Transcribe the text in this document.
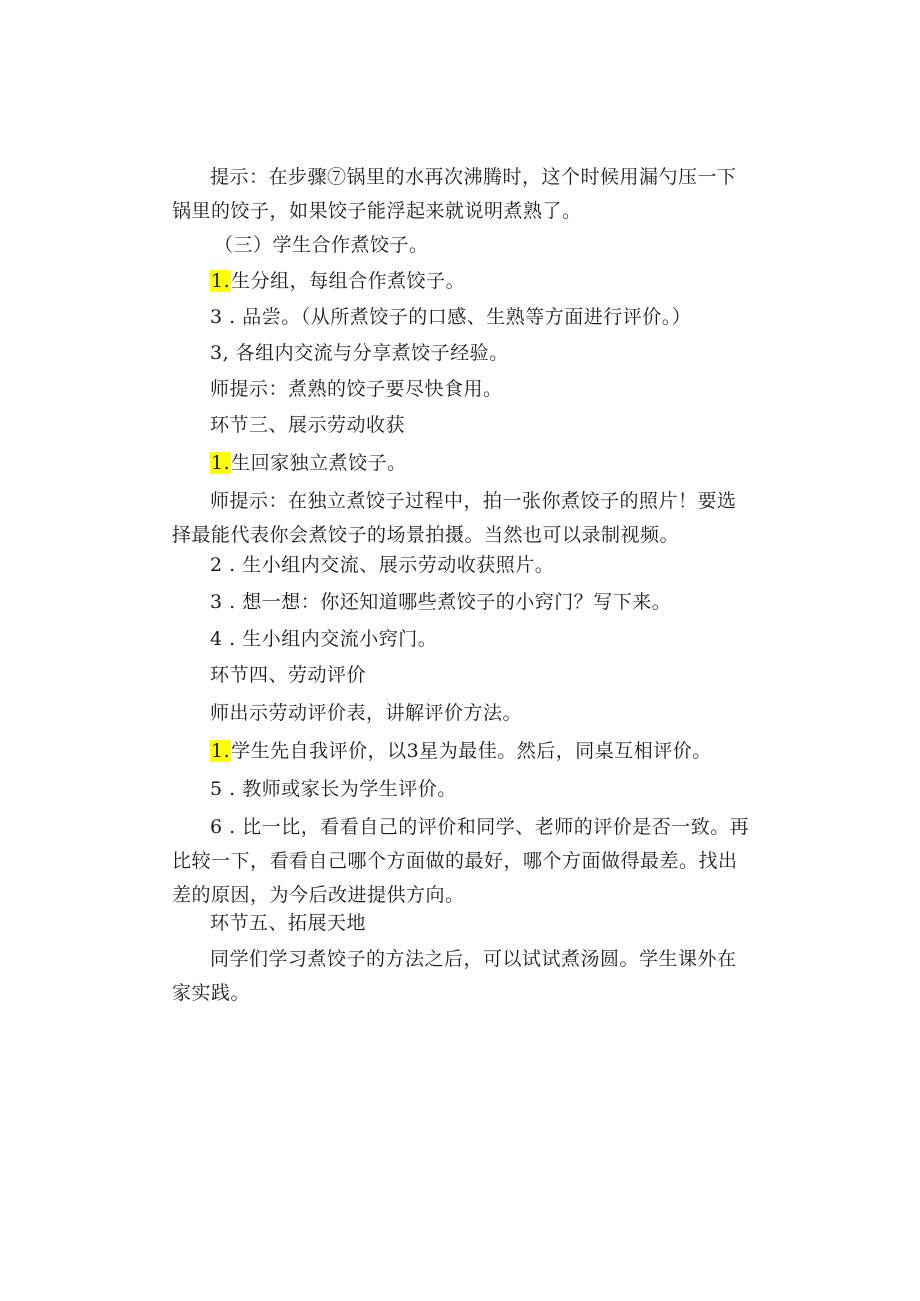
提示：在步骤⑦锅里的水再次沸腾时，这个时候用漏勺压一下锅里的饺子，如果饺子能浮起来就说明煮熟了。
（三）学生合作煮饺子。
1.生分组，每组合作煮饺子。
3 . 品尝。（从所煮饺子的口感、生熟等方面进行评价。）
3, 各组内交流与分享煮饺子经验。
师提示：煮熟的饺子要尽快食用。
环节三、展示劳动收获
1.生回家独立煮饺子。
师提示：在独立煮饺子过程中，拍一张你煮饺子的照片！要选择最能代表你会煮饺子的场景拍摄。当然也可以录制视频。
2 . 生小组内交流、展示劳动收获照片。
3 . 想一想：你还知道哪些煮饺子的小窍门？写下来。
4 . 生小组内交流小窍门。
环节四、劳动评价
师出示劳动评价表，讲解评价方法。
1.学生先自我评价，以3星为最佳。然后，同桌互相评价。
5 . 教师或家长为学生评价。
6 . 比一比，看看自己的评价和同学、老师的评价是否一致。再比较一下，看看自己哪个方面做的最好，哪个方面做得最差。找出差的原因，为今后改进提供方向。
环节五、拓展天地
同学们学习煮饺子的方法之后，可以试试煮汤圆。学生课外在家实践。
